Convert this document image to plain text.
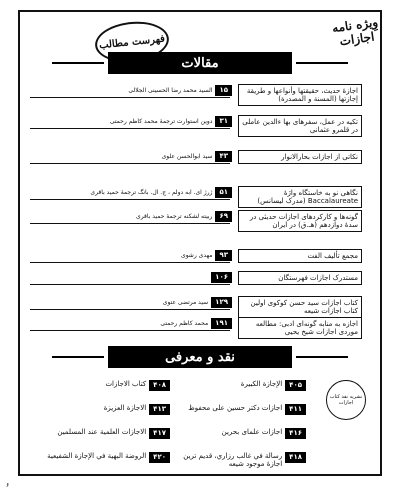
وِیژه نامه اجازات
فهرست مطالب
مقالات
اجازۀ حدیث، حقیقتها وأنواعها و طریقة إجازتها (المسنة و المصدرة)
۱۵
السید محمد رضا الحسینی الجلالی
تکیه در عمل، سفرهای بها ءالدین عاملی در قلمرو عثمانی
۳۱
دوین استوارت ترجمۀ محمد کاظم رحمتی
نکاتی از اجازات بحارالانوار
۴۳
سید ابوالحسن علوی
نگاهی نو به خاستگاه واژۀ Baccalaureate (مدرک لیسانس)
۵۱
ژرژ ای. ابه دولم ، ج. ال. بانگ ترجمۀ حمید باقری
گونه‌ها و کارکردهای اجازات حدیثی در سدۀ دوازدهم (هـ.ق) در ایران
۶۹
ربیته لشکنه ترجمۀ حمید باقری
مجمع تألیف الفت
۹۳
مهدی رشوی
مستدرک اجازات فهرستگان
۱۰۶
کتاب اجازات سید حسن کوکوی اولین کتاب اجازات شیعه
۱۲۹
سید مرتضی عتوی
اجازه به منابه گونه‌ای ادبی: مطالعه موردی اجازات شیخ یحیی
۱۹۱
محمد کاظم رحمتی
نقد و معرفی
۴۰۵
الإجازة الكبيرة
۴۰۸
كتاب الاجازات
۴۱۱
اجازات دکتر حسین علی محفوظ
۴۱۳
الاجازة العزيزة
۴۱۶
اجازات علمای بحرین
۴۱۷
الاجازات العلمية عند المسلمين
۴۱۸
رسالة في غالب رزاري، قدیم ترین اجازۀ موجود شیعه
۴۲۰
الروضة البهية في الإجازة الشفيعية
نشریه نقد کتاب اجازات
۶
